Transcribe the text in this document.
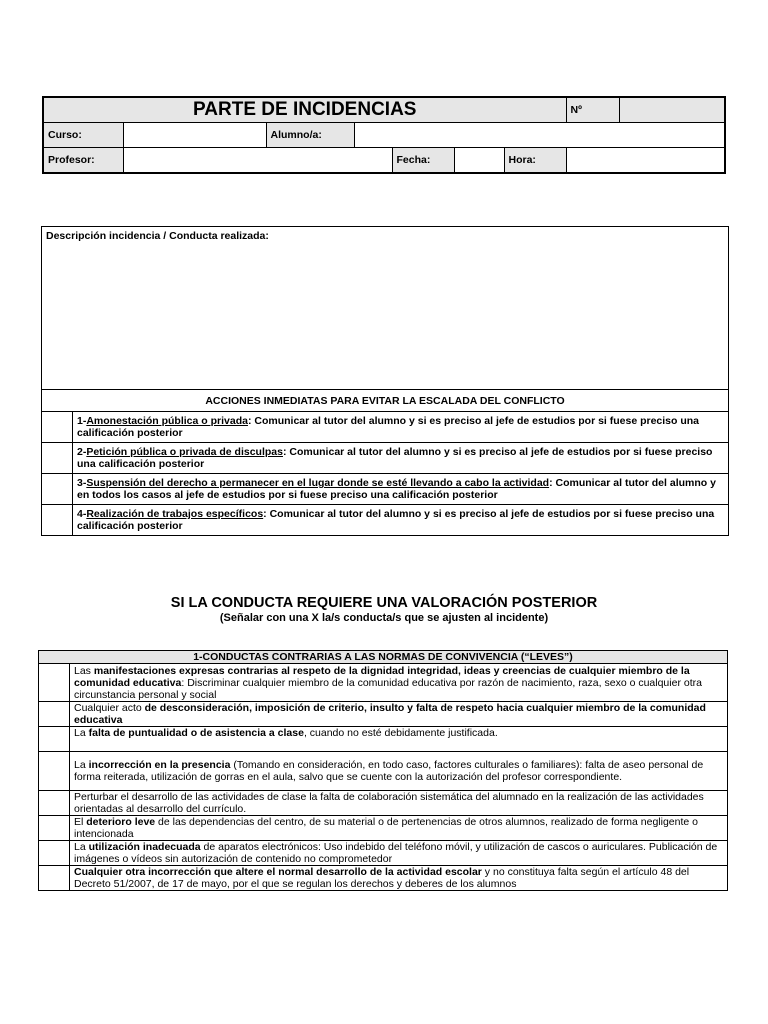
PARTE DE INCIDENCIAS							Nº	
Curso:		Alumno/a:						
Profesor:				Fecha:		Hora:		
Descripción incidencia / Conducta realizada:	
ACCIONES INMEDIATAS PARA EVITAR LA ESCALADA DEL CONFLICTO	
	1-Amonestación pública o privada: Comunicar al tutor del alumno y si es preciso al jefe de estudios por si fuese preciso una calificación posterior
	2-Petición pública o privada de disculpas: Comunicar al tutor del alumno y si es preciso al jefe de estudios por si fuese preciso una calificación posterior
	3-Suspensión del derecho a permanecer en el lugar donde se esté llevando a cabo la actividad: Comunicar al tutor del alumno y en todos los casos al jefe de estudios por si fuese preciso una calificación posterior
	4-Realización de trabajos específicos: Comunicar al tutor del alumno y si es preciso al jefe de estudios por si fuese preciso una calificación posterior
SI LA CONDUCTA REQUIERE UNA VALORACIÓN POSTERIOR
(Señalar con una X la/s conducta/s que se ajusten al incidente)
1-CONDUCTAS CONTRARIAS A LAS NORMAS DE CONVIVENCIA (“LEVES”)	
	Las manifestaciones expresas contrarias al respeto de la dignidad integridad, ideas y creencias de cualquier miembro de la comunidad educativa: Discriminar cualquier miembro de la comunidad educativa por razón de nacimiento, raza, sexo o cualquier otra circunstancia personal y social
	Cualquier acto de desconsideración, imposición de criterio, insulto y falta de respeto hacia cualquier miembro de la comunidad educativa
	La falta de puntualidad o de asistencia a clase, cuando no esté debidamente justificada.
	La incorrección en la presencia (Tomando en consideración, en todo caso, factores culturales o familiares): falta de aseo personal de forma reiterada, utilización de gorras en el aula, salvo que se cuente con la autorización del profesor correspondiente.
	Perturbar el desarrollo de las actividades de clase la falta de colaboración sistemática del alumnado en la realización de las actividades orientadas al desarrollo del currículo.
	El deterioro leve de las dependencias del centro, de su material o de pertenencias de otros alumnos, realizado de forma negligente o intencionada
	La utilización inadecuada de aparatos electrónicos: Uso indebido del teléfono móvil, y utilización de cascos o auriculares. Publicación de imágenes o vídeos sin autorización de contenido no comprometedor
	Cualquier otra incorrección que altere el normal desarrollo de la actividad escolar y no constituya falta según el artículo 48 del Decreto 51/2007, de 17 de mayo, por el que se regulan los derechos y deberes de los alumnos
